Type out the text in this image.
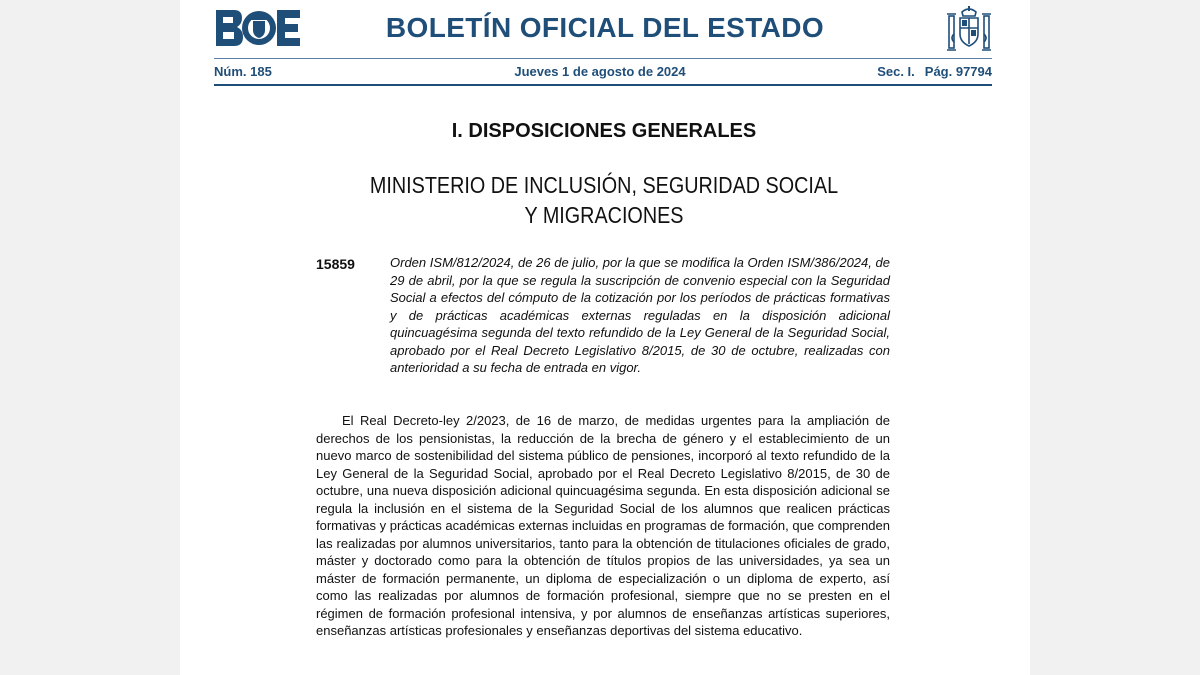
BOLETÍN OFICIAL DEL ESTADO
Núm. 185	Jueves 1 de agosto de 2024	Sec. I. Pág. 97794
I. DISPOSICIONES GENERALES
MINISTERIO DE INCLUSIÓN, SEGURIDAD SOCIAL
Y MIGRACIONES
15859	Orden ISM/812/2024, de 26 de julio, por la que se modifica la Orden ISM/386/2024, de 29 de abril, por la que se regula la suscripción de convenio especial con la Seguridad Social a efectos del cómputo de la cotización por los períodos de prácticas formativas y de prácticas académicas externas reguladas en la disposición adicional quincuagésima segunda del texto refundido de la Ley General de la Seguridad Social, aprobado por el Real Decreto Legislativo 8/2015, de 30 de octubre, realizadas con anterioridad a su fecha de entrada en vigor.

El Real Decreto-ley 2/2023, de 16 de marzo, de medidas urgentes para la ampliación de derechos de los pensionistas, la reducción de la brecha de género y el establecimiento de un nuevo marco de sostenibilidad del sistema público de pensiones, incorporó al texto refundido de la Ley General de la Seguridad Social, aprobado por el Real Decreto Legislativo 8/2015, de 30 de octubre, una nueva disposición adicional quincuagésima segunda. En esta disposición adicional se regula la inclusión en el sistema de la Seguridad Social de los alumnos que realicen prácticas formativas y prácticas académicas externas incluidas en programas de formación, que comprenden las realizadas por alumnos universitarios, tanto para la obtención de titulaciones oficiales de grado, máster y doctorado como para la obtención de títulos propios de las universidades, ya sea un máster de formación permanente, un diploma de especialización o un diploma de experto, así como las realizadas por alumnos de formación profesional, siempre que no se presten en el régimen de formación profesional intensiva, y por alumnos de enseñanzas artísticas superiores, enseñanzas artísticas profesionales y enseñanzas deportivas del sistema educativo.
